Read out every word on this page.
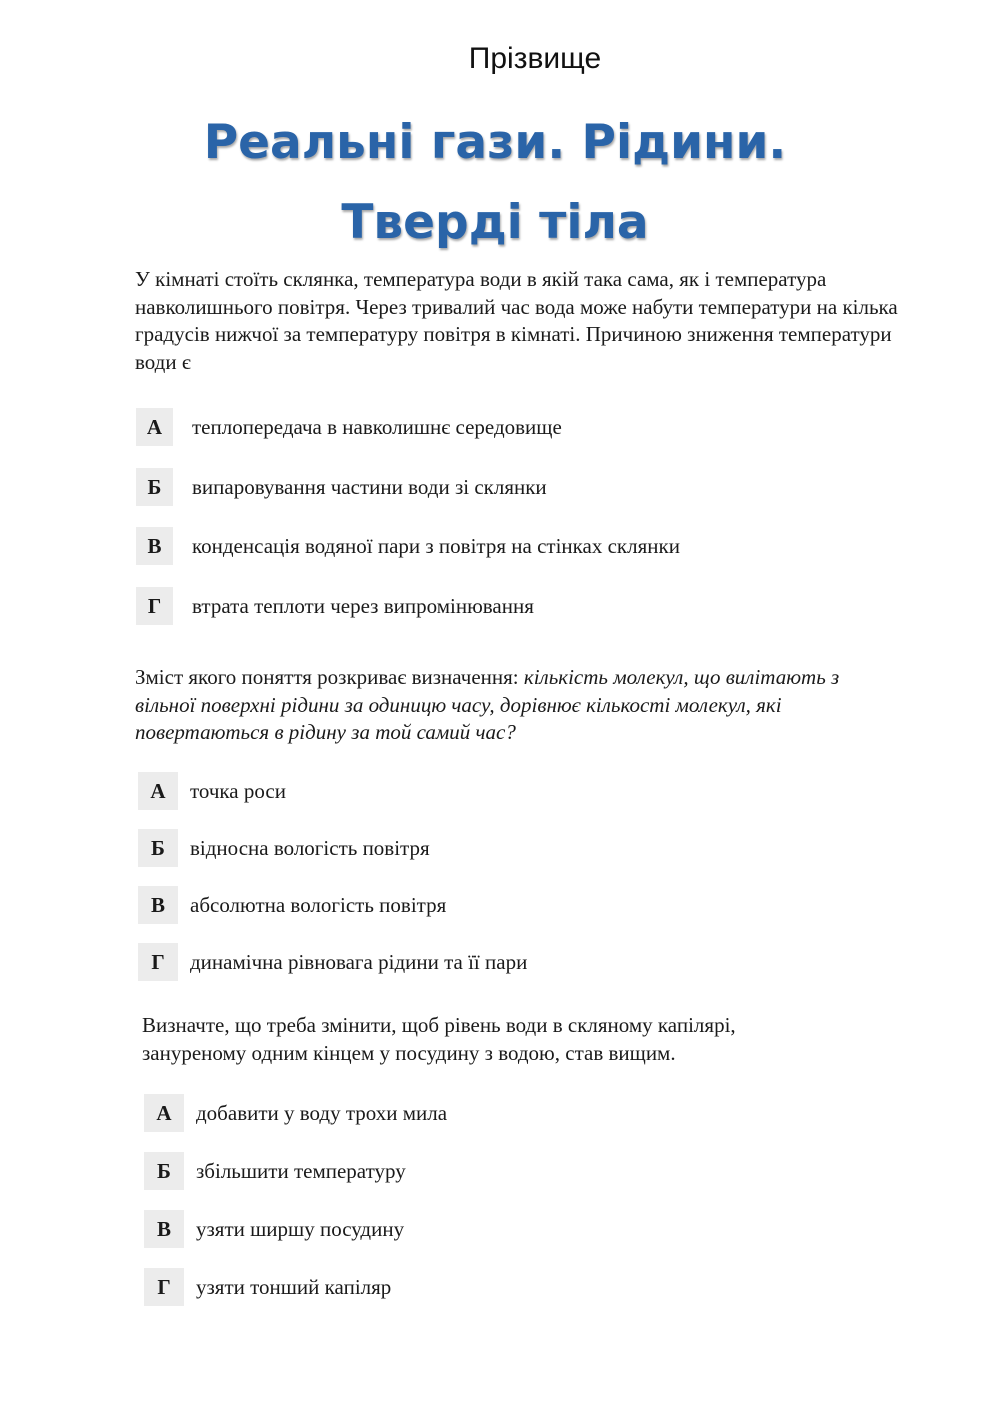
Прізвище
Реальні гази. Рідини.
Тверді тіла
У кімнаті стоїть склянка, температура води в якій така сама, як і температура навколишнього повітря. Через тривалий час вода може набути температури на кілька градусів нижчої за температуру повітря в кімнаті. Причиною зниження температури води є
А	теплопередача в навколишнє середовище
Б	випаровування частини води зі склянки
В	конденсація водяної пари з повітря на стінках склянки
Г	втрата теплоти через випромінювання
Зміст якого поняття розкриває визначення: кількість молекул, що вилітають з вільної поверхні рідини за одиницю часу, дорівнює кількості молекул, які повертаються в рідину за той самий час?
А	точка роси
Б	відносна вологість повітря
В	абсолютна вологість повітря
Г	динамічна рівновага рідини та її пари
Визначте, що треба змінити, щоб рівень води в скляному капілярі, зануреному одним кінцем у посудину з водою, став вищим.
А	добавити у воду трохи мила
Б	збільшити температуру
В	узяти ширшу посудину
Г	узяти тонший капіляр
